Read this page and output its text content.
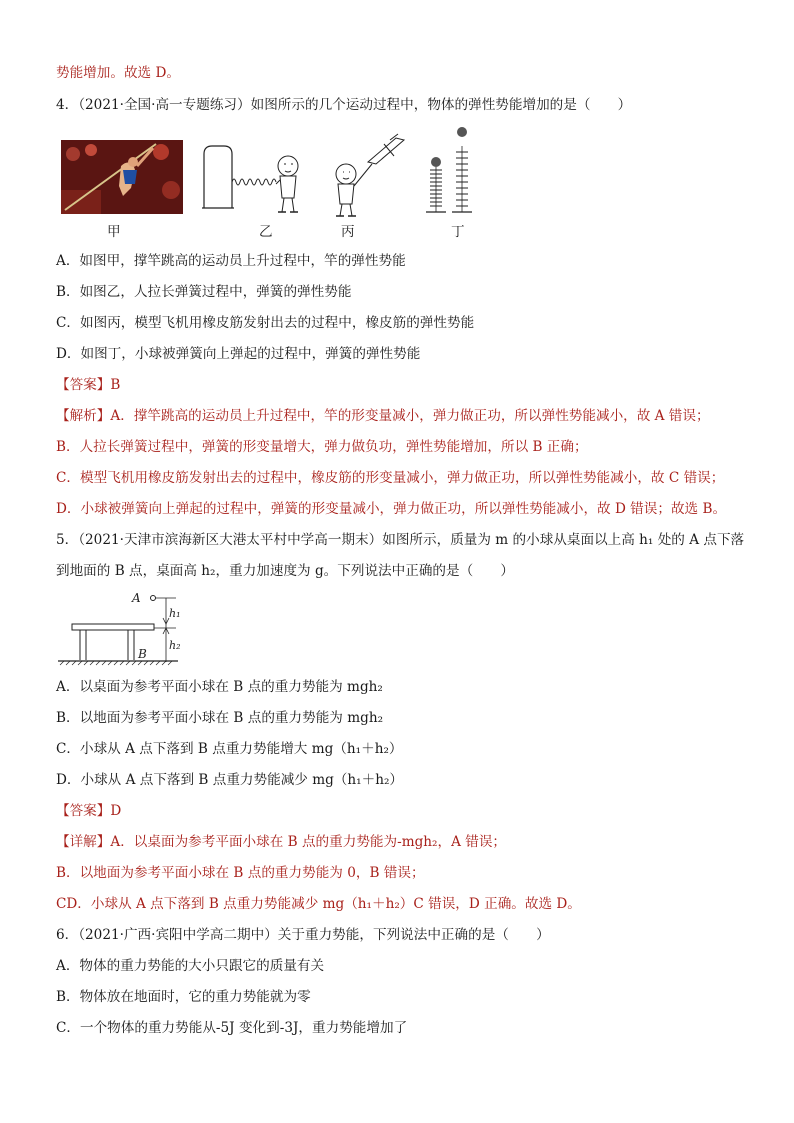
势能增加。故选 D。
4．（2021·全国·高一专题练习）如图所示的几个运动过程中，物体的弹性势能增加的是（　　）
甲	乙	丙	丁
A．如图甲，撑竿跳高的运动员上升过程中，竿的弹性势能
B．如图乙，人拉长弹簧过程中，弹簧的弹性势能
C．如图丙，模型飞机用橡皮筋发射出去的过程中，橡皮筋的弹性势能
D．如图丁，小球被弹簧向上弹起的过程中，弹簧的弹性势能
【答案】B
【解析】A．撑竿跳高的运动员上升过程中，竿的形变量减小，弹力做正功，所以弹性势能减小，故 A 错误；
B．人拉长弹簧过程中，弹簧的形变量增大，弹力做负功，弹性势能增加，所以 B 正确；
C．模型飞机用橡皮筋发射出去的过程中，橡皮筋的形变量减小，弹力做正功，所以弹性势能减小，故 C 错误；
D．小球被弹簧向上弹起的过程中，弹簧的形变量减小，弹力做正功，所以弹性势能减小，故 D 错误；故选 B。
5．（2021·天津市滨海新区大港太平村中学高一期末）如图所示，质量为 m 的小球从桌面以上高 h₁ 处的 A 点下落
到地面的 B 点，桌面高 h₂，重力加速度为 g。下列说法中正确的是（　　）
A
h₁
h₂
B
A．以桌面为参考平面小球在 B 点的重力势能为 mgh₂
B．以地面为参考平面小球在 B 点的重力势能为 mgh₂
C．小球从 A 点下落到 B 点重力势能增大 mg（h₁＋h₂）
D．小球从 A 点下落到 B 点重力势能减少 mg（h₁＋h₂）
【答案】D
【详解】A．以桌面为参考平面小球在 B 点的重力势能为-mgh₂，A 错误；
B．以地面为参考平面小球在 B 点的重力势能为 0，B 错误；
CD．小球从 A 点下落到 B 点重力势能减少 mg（h₁＋h₂）C 错误，D 正确。故选 D。
6．（2021·广西·宾阳中学高二期中）关于重力势能，下列说法中正确的是（　　）
A．物体的重力势能的大小只跟它的质量有关
B．物体放在地面时，它的重力势能就为零
C．一个物体的重力势能从-5J 变化到-3J，重力势能增加了
